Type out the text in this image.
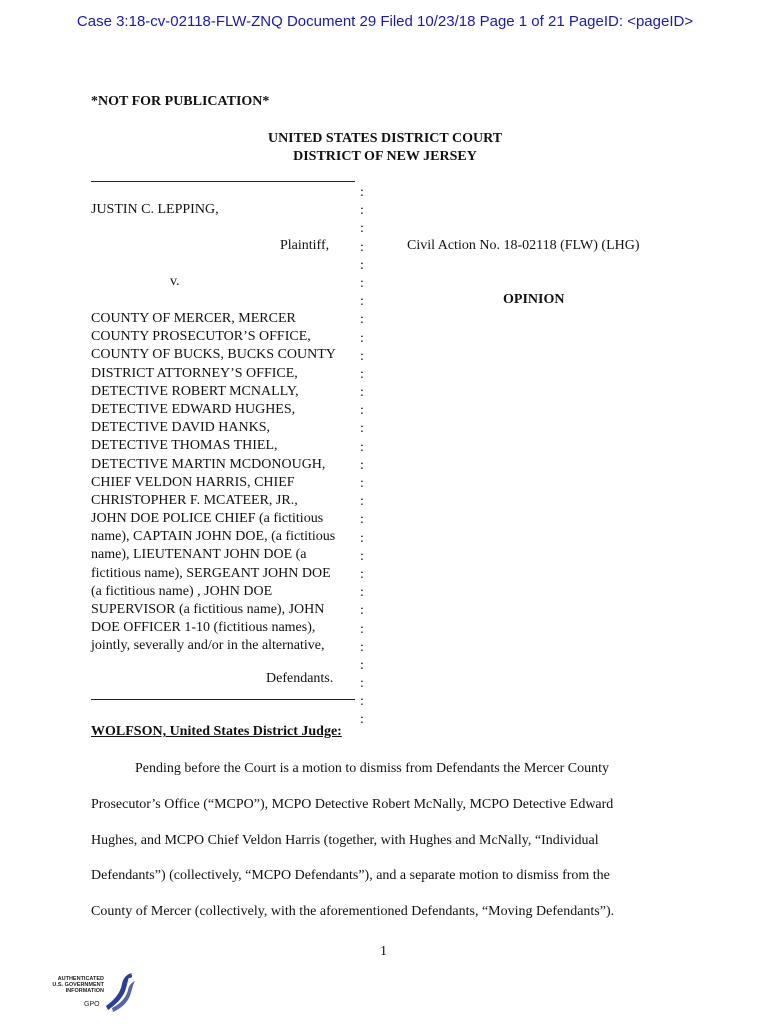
Case 3:18-cv-02118-FLW-ZNQ Document 29 Filed 10/23/18 Page 1 of 21 PageID: <pageID>
*NOT FOR PUBLICATION*
UNITED STATES DISTRICT COURT
DISTRICT OF NEW JERSEY
:
:
:
:
:
:
:
:
:
:
:
:
:
:
:
:
:
:
:
:
:
:
:
:
:
:
:
:
:
:
JUSTIN C. LEPPING,
Plaintiff,	Civil Action No. 18-02118 (FLW) (LHG)
v.
OPINION
COUNTY OF MERCER, MERCER
COUNTY PROSECUTOR’S OFFICE,
COUNTY OF BUCKS, BUCKS COUNTY
DISTRICT ATTORNEY’S OFFICE,
DETECTIVE ROBERT MCNALLY,
DETECTIVE EDWARD HUGHES,
DETECTIVE DAVID HANKS,
DETECTIVE THOMAS THIEL,
DETECTIVE MARTIN MCDONOUGH,
CHIEF VELDON HARRIS, CHIEF
CHRISTOPHER F. MCATEER, JR.,
JOHN DOE POLICE CHIEF (a fictitious
name), CAPTAIN JOHN DOE, (a fictitious
name), LIEUTENANT JOHN DOE (a
fictitious name), SERGEANT JOHN DOE
(a fictitious name) , JOHN DOE
SUPERVISOR (a fictitious name), JOHN
DOE OFFICER 1-10 (fictitious names),
jointly, severally and/or in the alternative,
Defendants.
WOLFSON, United States District Judge:
Pending before the Court is a motion to dismiss from Defendants the Mercer County
Prosecutor’s Office (“MCPO”), MCPO Detective Robert McNally, MCPO Detective Edward
Hughes, and MCPO Chief Veldon Harris (together, with Hughes and McNally, “Individual
Defendants”) (collectively, “MCPO Defendants”), and a separate motion to dismiss from the
County of Mercer (collectively, with the aforementioned Defendants, “Moving Defendants”).
1
AUTHENTICATED
U.S. GOVERNMENT
INFORMATION
GPO
